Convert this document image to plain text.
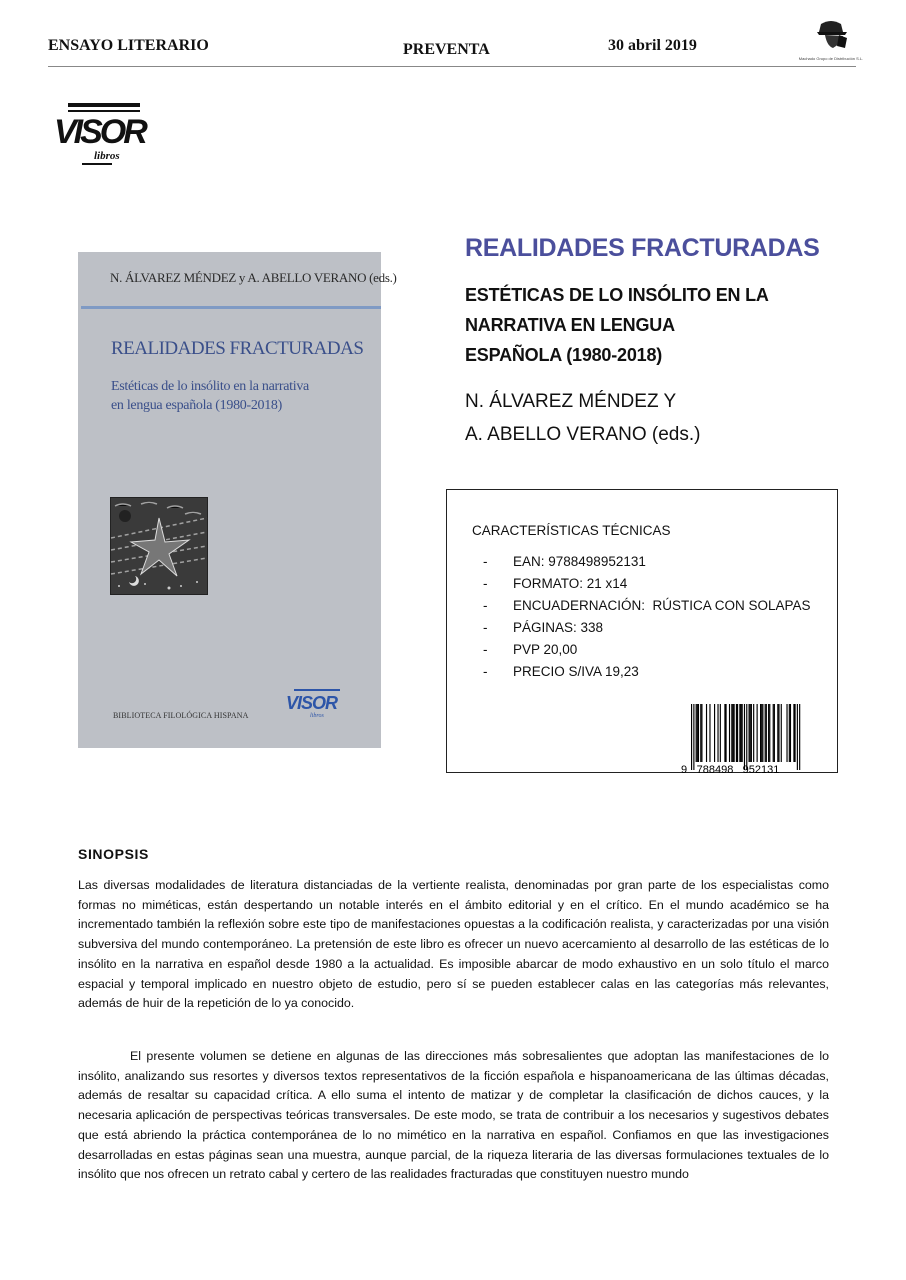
ENSAYO LITERARIO	PREVENTA	30 abril 2019
Machado Grupo de Distribución S.L.
VISOR
libros
N. ÁLVAREZ MÉNDEZ y A. ABELLO VERANO (eds.)
REALIDADES FRACTURADAS
Estéticas de lo insólito en la narrativa
en lengua española (1980-2018)
VISOR
libros
BIBLIOTECA FILOLÓGICA HISPANA
REALIDADES FRACTURADAS
ESTÉTICAS DE LO INSÓLITO EN LA
NARRATIVA EN LENGUA
ESPAÑOLA (1980-2018)
N. ÁLVAREZ MÉNDEZ Y
A. ABELLO VERANO (eds.)
CARACTERÍSTICAS TÉCNICAS
-	EAN: 9788498952131
-	FORMATO: 21 x14
-	ENCUADERNACIÓN:  RÚSTICA CON SOLAPAS
-	PÁGINAS: 338
-	PVP 20,00
-	PRECIO S/IVA 19,23
9 788498 952131
SINOPSIS

Las diversas modalidades de literatura distanciadas de la vertiente realista, denominadas por gran parte de los especialistas como formas no miméticas, están despertando un notable interés en el ámbito editorial y en el crítico. En el mundo académico se ha incrementado también la reflexión sobre este tipo de manifestaciones opuestas a la codificación realista, y caracterizadas por una visión subversiva del mundo contemporáneo. La pretensión de este libro es ofrecer un nuevo acercamiento al desarrollo de las estéticas de lo insólito en la narrativa en español desde 1980 a la actualidad. Es imposible abarcar de modo exhaustivo en un solo título el marco espacial y temporal implicado en nuestro objeto de estudio, pero sí se pueden establecer calas en las categorías más relevantes, además de huir de la repetición de lo ya conocido.

El presente volumen se detiene en algunas de las direcciones más sobresalientes que adoptan las manifestaciones de lo insólito, analizando sus resortes y diversos textos representativos de la ficción española e hispanoamericana de las últimas décadas, además de resaltar su capacidad crítica. A ello suma el intento de matizar y de completar la clasificación de dichos cauces, y la necesaria aplicación de perspectivas teóricas transversales. De este modo, se trata de contribuir a los necesarios y sugestivos debates que está abriendo la práctica contemporánea de lo no mimético en la narrativa en español. Confiamos en que las investigaciones desarrolladas en estas páginas sean una muestra, aunque parcial, de la riqueza literaria de las diversas formulaciones textuales de lo insólito que nos ofrecen un retrato cabal y certero de las realidades fracturadas que constituyen nuestro mundo
